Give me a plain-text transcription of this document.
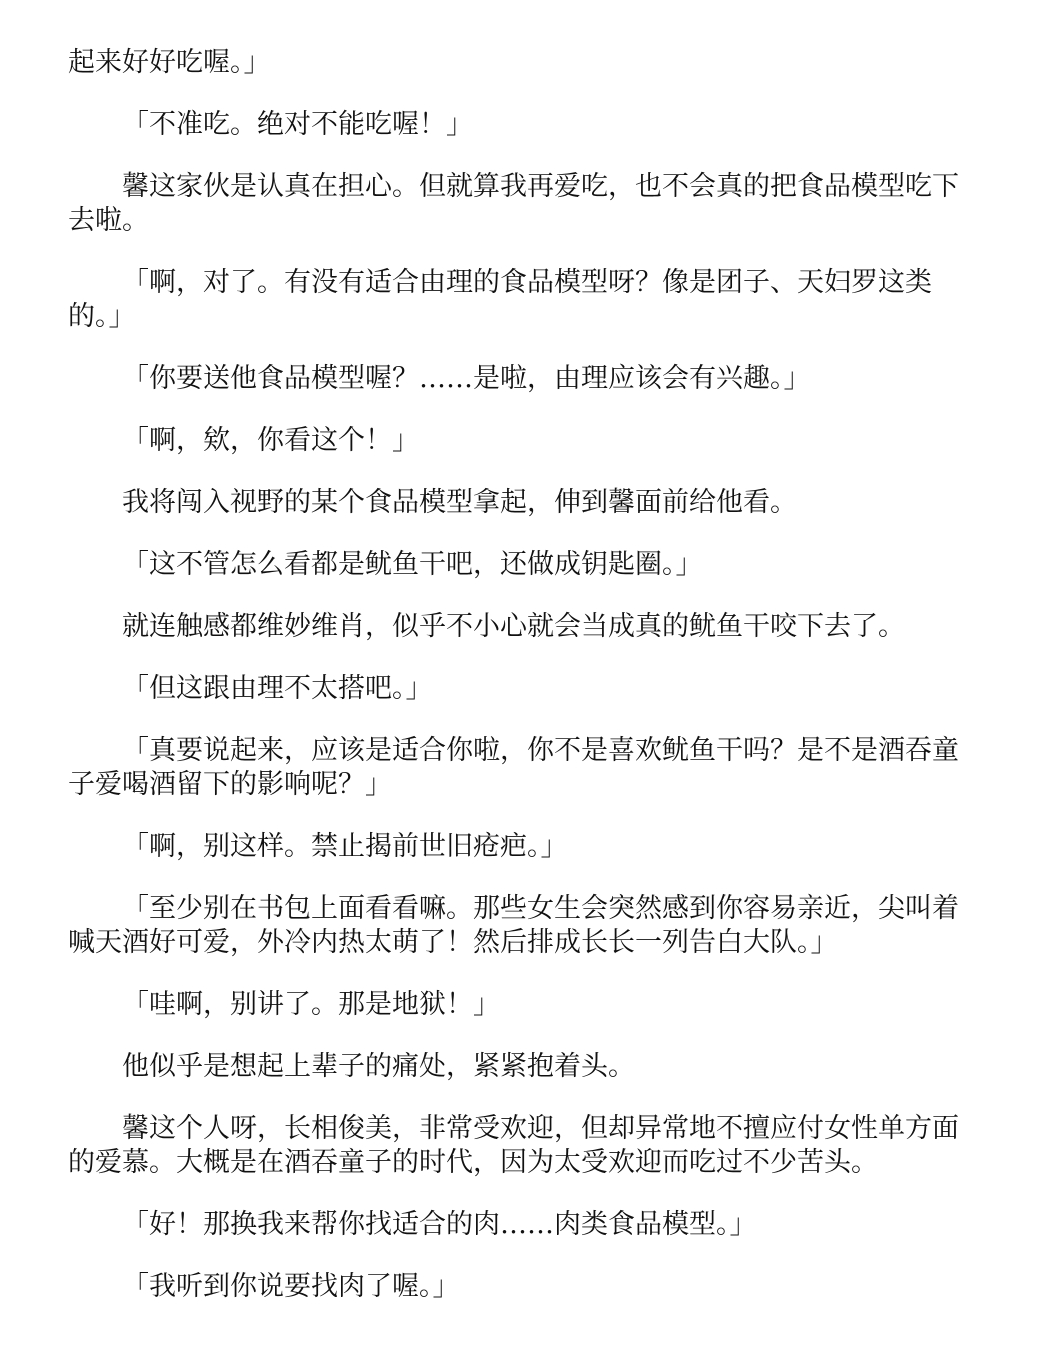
起来好好吃喔。」

「不准吃。绝对不能吃喔！」

馨这家伙是认真在担心。但就算我再爱吃，也不会真的把食品模型吃下去啦。

「啊，对了。有没有适合由理的食品模型呀？像是团子、天妇罗这类的。」

「你要送他食品模型喔？……是啦，由理应该会有兴趣。」

「啊，欸，你看这个！」

我将闯入视野的某个食品模型拿起，伸到馨面前给他看。

「这不管怎么看都是鱿鱼干吧，还做成钥匙圈。」

就连触感都维妙维肖，似乎不小心就会当成真的鱿鱼干咬下去了。

「但这跟由理不太搭吧。」

「真要说起来，应该是适合你啦，你不是喜欢鱿鱼干吗？是不是酒吞童子爱喝酒留下的影响呢？」

「啊，别这样。禁止揭前世旧疮疤。」

「至少别在书包上面看看嘛。那些女生会突然感到你容易亲近，尖叫着喊天酒好可爱，外冷内热太萌了！然后排成长长一列告白大队。」

「哇啊，别讲了。那是地狱！」

他似乎是想起上辈子的痛处，紧紧抱着头。

馨这个人呀，长相俊美，非常受欢迎，但却异常地不擅应付女性单方面的爱慕。大概是在酒吞童子的时代，因为太受欢迎而吃过不少苦头。

「好！那换我来帮你找适合的肉……肉类食品模型。」

「我听到你说要找肉了喔。」
